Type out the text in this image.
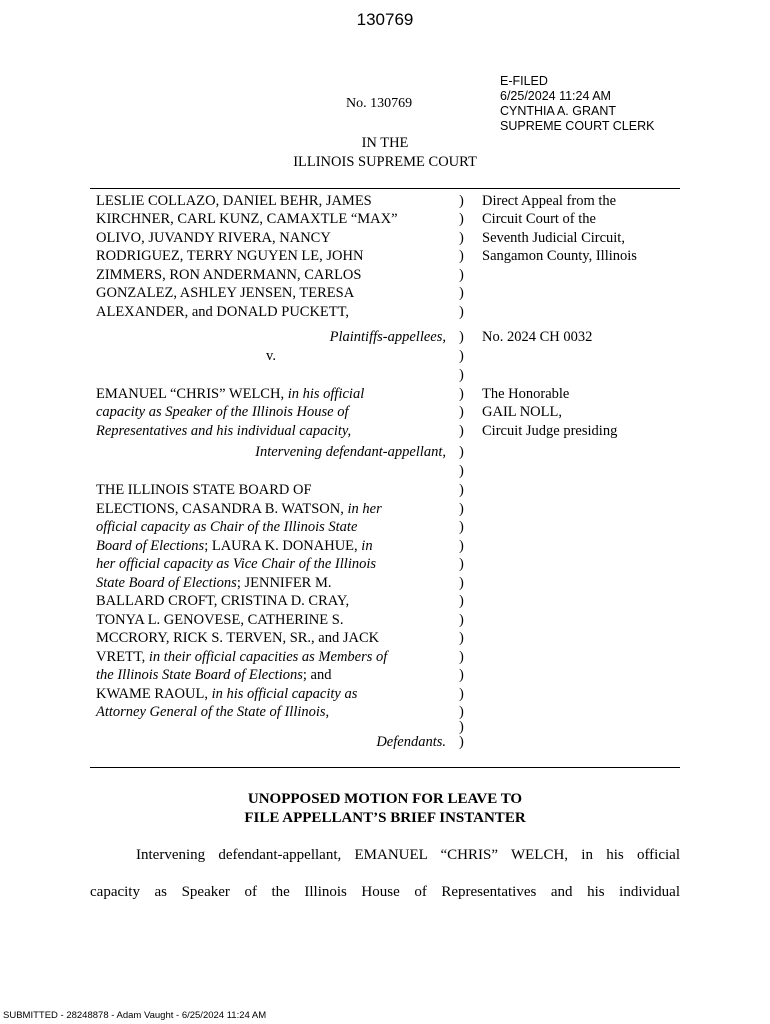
130769
E-FILED
6/25/2024 11:24 AM
CYNTHIA A. GRANT
SUPREME COURT CLERK
No. 130769
IN THE
ILLINOIS SUPREME COURT
LESLIE COLLAZO, DANIEL BEHR, JAMES
KIRCHNER, CARL KUNZ, CAMAXTLE “MAX”
OLIVO, JUVANDY RIVERA, NANCY
RODRIGUEZ, TERRY NGUYEN LE, JOHN
ZIMMERS, RON ANDERMANN, CARLOS
GONZALEZ, ASHLEY JENSEN, TERESA
ALEXANDER, and DONALD PUCKETT,
Plaintiffs-appellees,
v.
EMANUEL “CHRIS” WELCH, in his official
capacity as Speaker of the Illinois House of
Representatives and his individual capacity,
Intervening defendant-appellant,
THE ILLINOIS STATE BOARD OF
ELECTIONS, CASANDRA B. WATSON, in her
official capacity as Chair of the Illinois State
Board of Elections; LAURA K. DONAHUE, in
her official capacity as Vice Chair of the Illinois
State Board of Elections; JENNIFER M.
BALLARD CROFT, CRISTINA D. CRAY,
TONYA L. GENOVESE, CATHERINE S.
MCCRORY, RICK S. TERVEN, SR., and JACK
VRETT, in their official capacities as Members of
the Illinois State Board of Elections; and
KWAME RAOUL, in his official capacity as
Attorney General of the State of Illinois,
Defendants.
)
)
)
)
)
)
)
)
)
)
)
)
)
)
)
)
)
)
)
)
)
)
)
)
)
)
)
)
)
)
Direct Appeal from the
Circuit Court of the
Seventh Judicial Circuit,
Sangamon County, Illinois
No. 2024 CH 0032
The Honorable
GAIL NOLL,
Circuit Judge presiding
UNOPPOSED MOTION FOR LEAVE TO
FILE APPELLANT’S BRIEF INSTANTER
Intervening defendant-appellant, EMANUEL “CHRIS” WELCH, in his official
capacity as Speaker of the Illinois House of Representatives and his individual
SUBMITTED - 28248878 - Adam Vaught - 6/25/2024 11:24 AM
